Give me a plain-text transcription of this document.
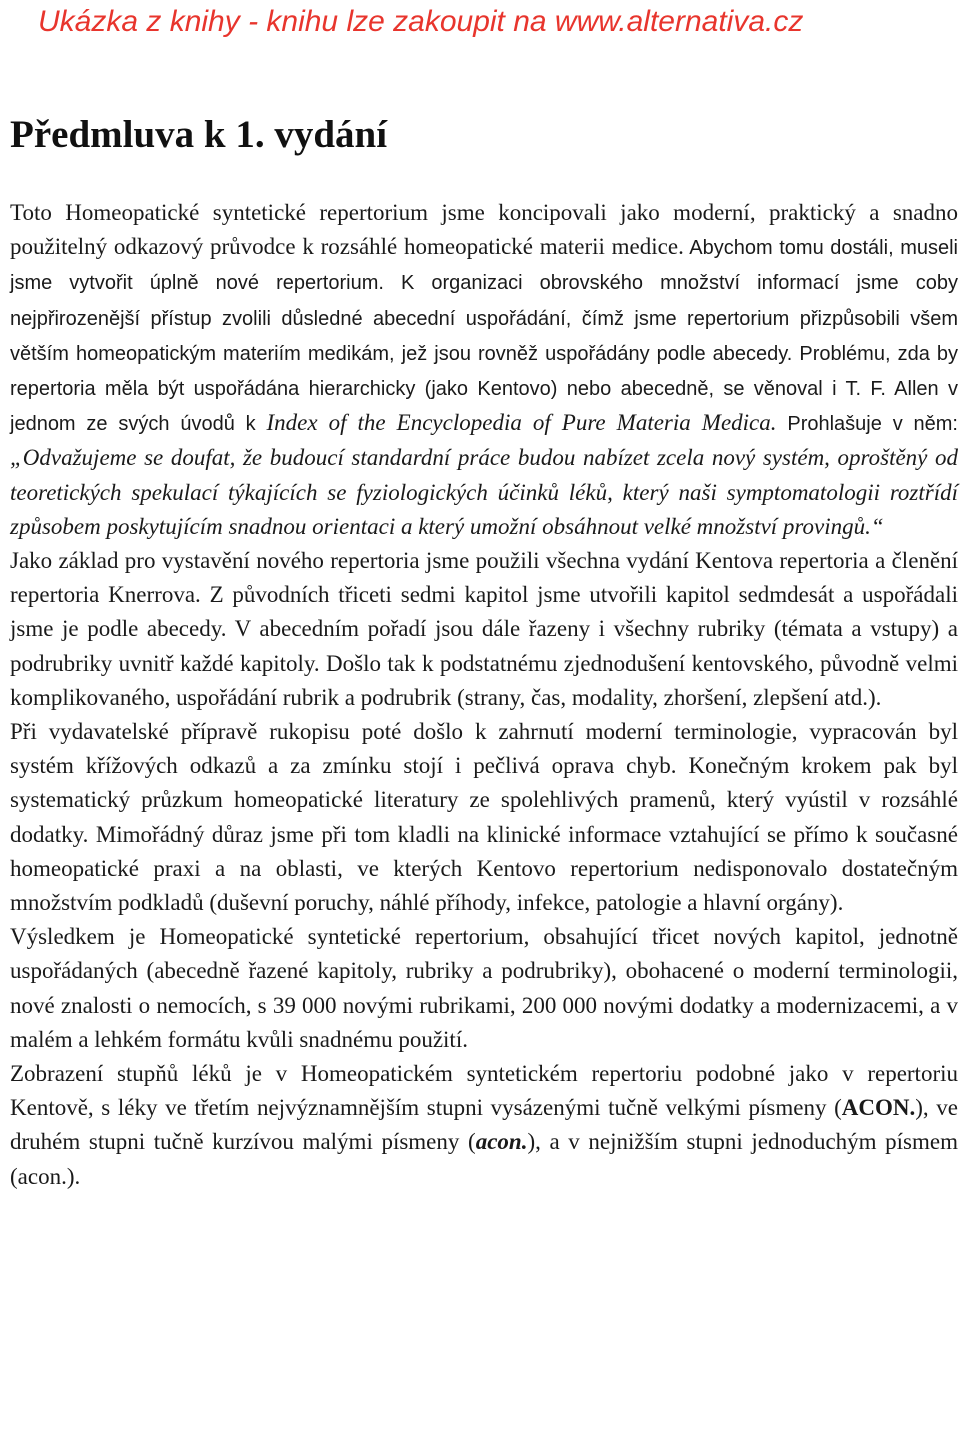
Ukázka z knihy - knihu lze zakoupit na www.alternativa.cz

Předmluva k 1. vydání

Toto Homeopatické syntetické repertorium jsme koncipovali jako moderní, praktický a snadno použitelný odkazový průvodce k rozsáhlé homeopatické materii medice. Abychom tomu dostáli, museli jsme vytvořit úplně nové repertorium. K organizaci obrovského množství informací jsme coby nejpřirozenější přístup zvolili důsledné abecední uspořádání, čímž jsme repertorium přizpůsobili všem větším homeopatickým materiím medikám, jež jsou rovněž uspořádány podle abecedy. Problému, zda by repertoria měla být uspořádána hierarchicky (jako Kentovo) nebo abecedně, se věnoval i T. F. Allen v jednom ze svých úvodů k Index of the Encyclopedia of Pure Materia Medica. Prohlašuje v něm: „Odvažujeme se doufat, že budoucí standardní práce budou nabízet zcela nový systém, oproštěný od teoretických spekulací týkajících se fyziologických účinků léků, který naši symptomatologii roztřídí způsobem poskytujícím snadnou orientaci a který umožní obsáhnout velké množství provingů.“

Jako základ pro vystavění nového repertoria jsme použili všechna vydání Kentova repertoria a členění repertoria Knerrova. Z původních třiceti sedmi kapitol jsme utvořili kapitol sedmdesát a uspořádali jsme je podle abecedy. V abecedním pořadí jsou dále řazeny i všechny rubriky (témata a vstupy) a podrubriky uvnitř každé kapitoly. Došlo tak k podstatnému zjednodušení kentovského, původně velmi komplikovaného, uspořádání rubrik a podrubrik (strany, čas, modality, zhoršení, zlepšení atd.).

Při vydavatelské přípravě rukopisu poté došlo k zahrnutí moderní terminologie, vypracován byl systém křížových odkazů a za zmínku stojí i pečlivá oprava chyb. Konečným krokem pak byl systematický průzkum homeopatické literatury ze spolehlivých pramenů, který vyústil v rozsáhlé dodatky. Mimořádný důraz jsme při tom kladli na klinické informace vztahující se přímo k současné homeopatické praxi a na oblasti, ve kterých Kentovo repertorium nedisponovalo dostatečným množstvím podkladů (duševní poruchy, náhlé příhody, infekce, patologie a hlavní orgány).

Výsledkem je Homeopatické syntetické repertorium, obsahující třicet nových kapitol, jednotně uspořádaných (abecedně řazené kapitoly, rubriky a podrubriky), obohacené o moderní terminologii, nové znalosti o nemocích, s 39 000 novými rubrikami, 200 000 novými dodatky a modernizacemi, a v malém a lehkém formátu kvůli snadnému použití.

Zobrazení stupňů léků je v Homeopatickém syntetickém repertoriu podobné jako v repertoriu Kentově, s léky ve třetím nejvýznamnějším stupni vysázenými tučně velkými písmeny (ACON.), ve druhém stupni tučně kurzívou malými písmeny (acon.), a v nejnižším stupni jednoduchým písmem (acon.).
